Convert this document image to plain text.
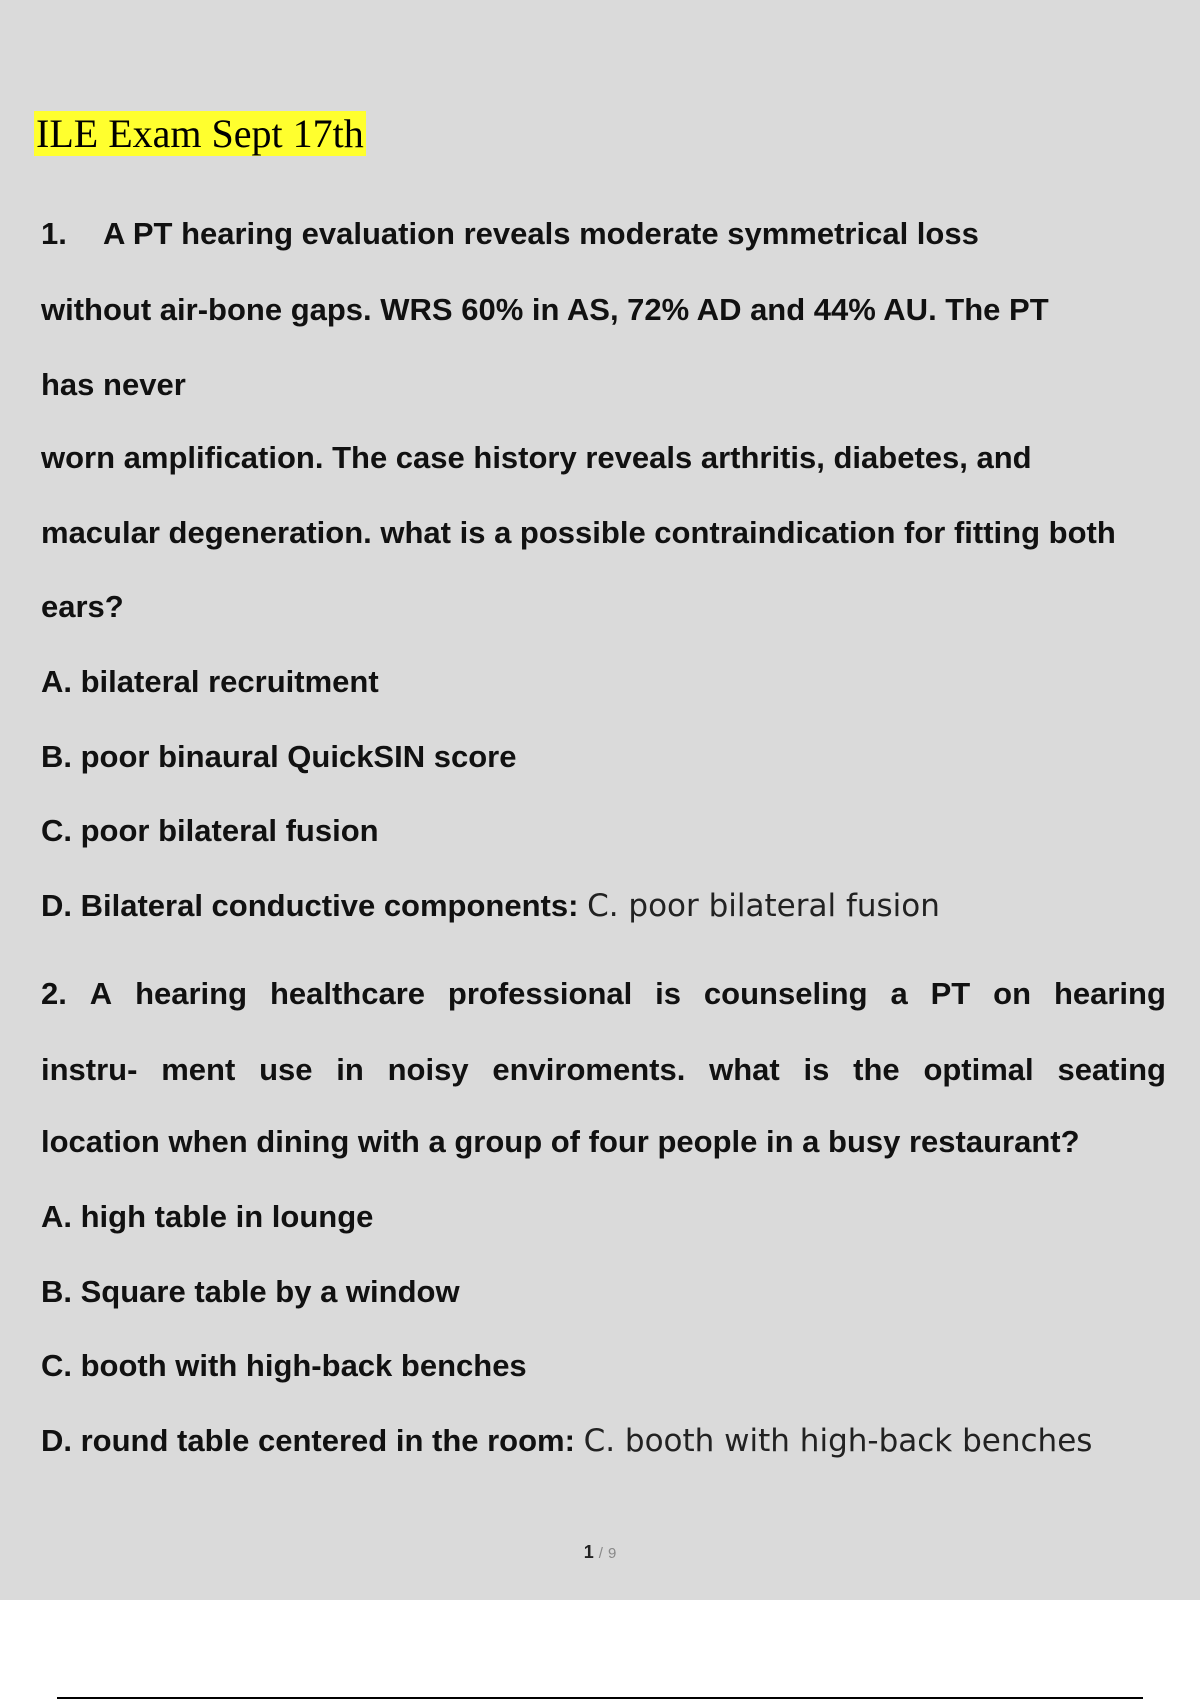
ILE Exam Sept 17th
1. A PT hearing evaluation reveals moderate symmetrical loss
without air-bone gaps. WRS 60% in AS, 72% AD and 44% AU. The PT
has never
worn amplification. The case history reveals arthritis, diabetes, and
macular degeneration. what is a possible contraindication for fitting both
ears?
A. bilateral recruitment
B. poor binaural QuickSIN score
C. poor bilateral fusion
D. Bilateral conductive components: C. poor bilateral fusion
2. A hearing healthcare professional is counseling a PT on hearing
instru- ment use in noisy enviroments. what is the optimal seating
location when dining with a group of four people in a busy restaurant?
A. high table in lounge
B. Square table by a window
C. booth with high-back benches
D. round table centered in the room: C. booth with high-back benches
1 / 9
